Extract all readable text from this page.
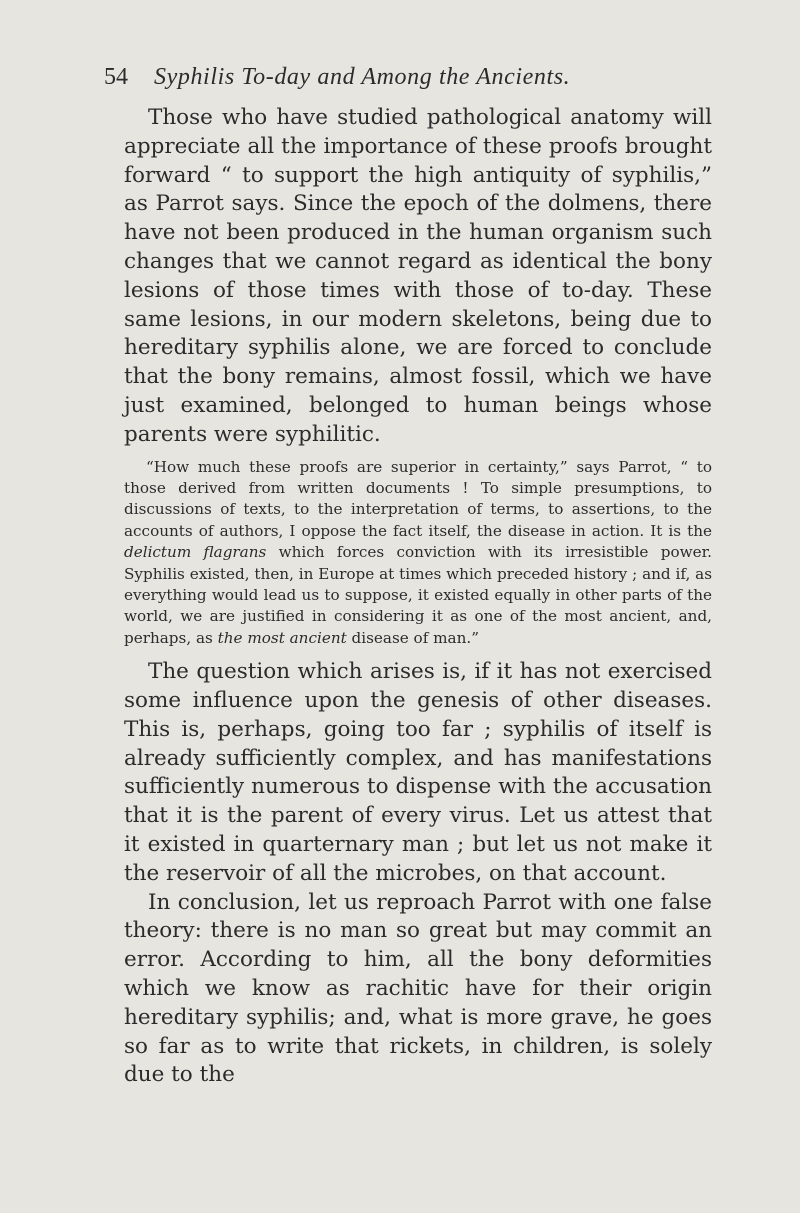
54 Syphilis To-day and Among the Ancients.

Those who have studied pathological anatomy will appreciate all the importance of these proofs brought forward “ to support the high antiquity of syphilis,” as Parrot says. Since the epoch of the dolmens, there have not been produced in the human organism such changes that we cannot regard as identical the bony lesions of those times with those of to-day. These same lesions, in our modern skeletons, being due to hereditary syphilis alone, we are forced to conclude that the bony remains, almost fossil, which we have just examined, belonged to human beings whose parents were syphilitic.

“How much these proofs are superior in certainty,” says Parrot, “ to those derived from written documents ! To simple presumptions, to discussions of texts, to the interpretation of terms, to assertions, to the accounts of authors, I oppose the fact itself, the disease in action. It is the delictum flagrans which forces conviction with its irresistible power. Syphilis existed, then, in Europe at times which preceded history ; and if, as everything would lead us to suppose, it existed equally in other parts of the world, we are justified in considering it as one of the most ancient, and, perhaps, as the most ancient disease of man.”

The question which arises is, if it has not exercised some influence upon the genesis of other diseases. This is, perhaps, going too far ; syphilis of itself is already sufficiently complex, and has manifestations sufficiently numerous to dispense with the accusation that it is the parent of every virus. Let us attest that it existed in quarternary man ; but let us not make it the reservoir of all the microbes, on that account.

In conclusion, let us reproach Parrot with one false theory: there is no man so great but may commit an error. According to him, all the bony deformities which we know as rachitic have for their origin hereditary syphilis; and, what is more grave, he goes so far as to write that rickets, in children, is solely due to the
